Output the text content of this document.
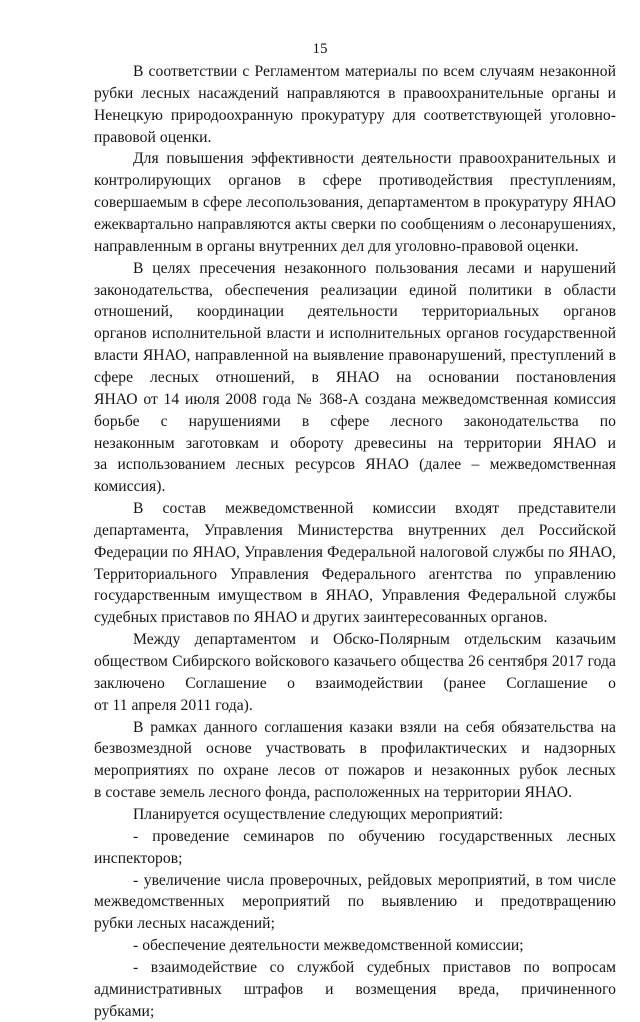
15
В соответствии с Регламентом материалы по всем случаям незаконной
рубки лесных насаждений направляются в правоохранительные органы и
Ненецкую природоохранную прокуратуру для соответствующей уголовно-
правовой оценки.
Для повышения эффективности деятельности правоохранительных и
контролирующих органов в сфере противодействия преступлениям,
совершаемым в сфере лесопользования, департаментом в прокуратуру ЯНАО
ежеквартально направляются акты сверки по сообщениям о лесонарушениях,
направленным в органы внутренних дел для уголовно-правовой оценки.
В целях пресечения незаконного пользования лесами и нарушений
законодательства, обеспечения реализации единой политики в области
отношений, координации деятельности территориальных органов
органов исполнительной власти и исполнительных органов государственной
власти ЯНАО, направленной на выявление правонарушений, преступлений в
сфере лесных отношений, в ЯНАО на основании постановления
ЯНАО от 14 июля 2008 года № 368-А создана межведомственная комиссия
борьбе с нарушениями в сфере лесного законодательства по
незаконным заготовкам и обороту древесины на территории ЯНАО и
за использованием лесных ресурсов ЯНАО (далее – межведомственная
комиссия).
В состав межведомственной комиссии входят представители
департамента, Управления Министерства внутренних дел Российской
Федерации по ЯНАО, Управления Федеральной налоговой службы по ЯНАО,
Территориального Управления Федерального агентства по управлению
государственным имуществом в ЯНАО, Управления Федеральной службы
судебных приставов по ЯНАО и других заинтересованных органов.
Между департаментом и Обско-Полярным отдельским казачьим
обществом Сибирского войскового казачьего общества 26 сентября 2017 года
заключено Соглашение о взаимодействии (ранее Соглашение о
от 11 апреля 2011 года).
В рамках данного соглашения казаки взяли на себя обязательства на
безвозмездной основе участвовать в профилактических и надзорных
мероприятиях по охране лесов от пожаров и незаконных рубок лесных
в составе земель лесного фонда, расположенных на территории ЯНАО.
Планируется осуществление следующих мероприятий:
- проведение семинаров по обучению государственных лесных
инспекторов;
- увеличение числа проверочных, рейдовых мероприятий, в том числе
межведомственных мероприятий по выявлению и предотвращению
рубки лесных насаждений;
- обеспечение деятельности межведомственной комиссии;
- взаимодействие со службой судебных приставов по вопросам
административных штрафов и возмещения вреда, причиненного
рубками;
